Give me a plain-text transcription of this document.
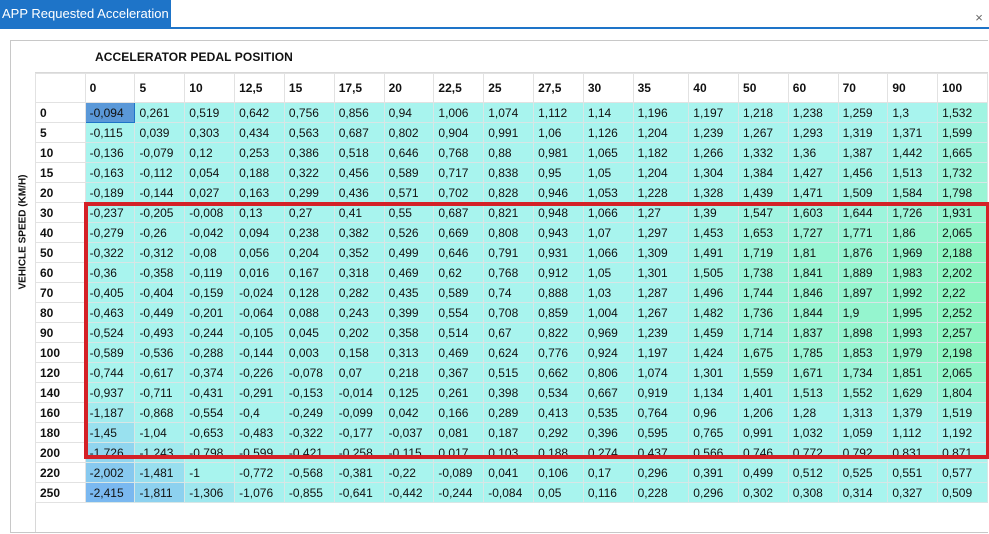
APP Requested Acceleration - 4	×
ACCELERATOR PEDAL POSITION
VEHICLE SPEED (KM/H)
	0	5	10	12,5	15	17,5	20	22,5	25	27,5	30	35	40	50	60	70	90	100
0	-0,094	0,261	0,519	0,642	0,756	0,856	0,94	1,006	1,074	1,112	1,14	1,196	1,197	1,218	1,238	1,259	1,3	1,532
5	-0,115	0,039	0,303	0,434	0,563	0,687	0,802	0,904	0,991	1,06	1,126	1,204	1,239	1,267	1,293	1,319	1,371	1,599
10	-0,136	-0,079	0,12	0,253	0,386	0,518	0,646	0,768	0,88	0,981	1,065	1,182	1,266	1,332	1,36	1,387	1,442	1,665
15	-0,163	-0,112	0,054	0,188	0,322	0,456	0,589	0,717	0,838	0,95	1,05	1,204	1,304	1,384	1,427	1,456	1,513	1,732
20	-0,189	-0,144	0,027	0,163	0,299	0,436	0,571	0,702	0,828	0,946	1,053	1,228	1,328	1,439	1,471	1,509	1,584	1,798
30	-0,237	-0,205	-0,008	0,13	0,27	0,41	0,55	0,687	0,821	0,948	1,066	1,27	1,39	1,547	1,603	1,644	1,726	1,931
40	-0,279	-0,26	-0,042	0,094	0,238	0,382	0,526	0,669	0,808	0,943	1,07	1,297	1,453	1,653	1,727	1,771	1,86	2,065
50	-0,322	-0,312	-0,08	0,056	0,204	0,352	0,499	0,646	0,791	0,931	1,066	1,309	1,491	1,719	1,81	1,876	1,969	2,188
60	-0,36	-0,358	-0,119	0,016	0,167	0,318	0,469	0,62	0,768	0,912	1,05	1,301	1,505	1,738	1,841	1,889	1,983	2,202
70	-0,405	-0,404	-0,159	-0,024	0,128	0,282	0,435	0,589	0,74	0,888	1,03	1,287	1,496	1,744	1,846	1,897	1,992	2,22
80	-0,463	-0,449	-0,201	-0,064	0,088	0,243	0,399	0,554	0,708	0,859	1,004	1,267	1,482	1,736	1,844	1,9	1,995	2,252
90	-0,524	-0,493	-0,244	-0,105	0,045	0,202	0,358	0,514	0,67	0,822	0,969	1,239	1,459	1,714	1,837	1,898	1,993	2,257
100	-0,589	-0,536	-0,288	-0,144	0,003	0,158	0,313	0,469	0,624	0,776	0,924	1,197	1,424	1,675	1,785	1,853	1,979	2,198
120	-0,744	-0,617	-0,374	-0,226	-0,078	0,07	0,218	0,367	0,515	0,662	0,806	1,074	1,301	1,559	1,671	1,734	1,851	2,065
140	-0,937	-0,711	-0,431	-0,291	-0,153	-0,014	0,125	0,261	0,398	0,534	0,667	0,919	1,134	1,401	1,513	1,552	1,629	1,804
160	-1,187	-0,868	-0,554	-0,4	-0,249	-0,099	0,042	0,166	0,289	0,413	0,535	0,764	0,96	1,206	1,28	1,313	1,379	1,519
180	-1,45	-1,04	-0,653	-0,483	-0,322	-0,177	-0,037	0,081	0,187	0,292	0,396	0,595	0,765	0,991	1,032	1,059	1,112	1,192
200	-1,726	-1,243	-0,798	-0,599	-0,421	-0,258	-0,115	0,017	0,103	0,188	0,274	0,437	0,566	0,746	0,772	0,792	0,831	0,871
220	-2,002	-1,481	-1	-0,772	-0,568	-0,381	-0,22	-0,089	0,041	0,106	0,17	0,296	0,391	0,499	0,512	0,525	0,551	0,577
250	-2,415	-1,811	-1,306	-1,076	-0,855	-0,641	-0,442	-0,244	-0,084	0,05	0,116	0,228	0,296	0,302	0,308	0,314	0,327	0,509
